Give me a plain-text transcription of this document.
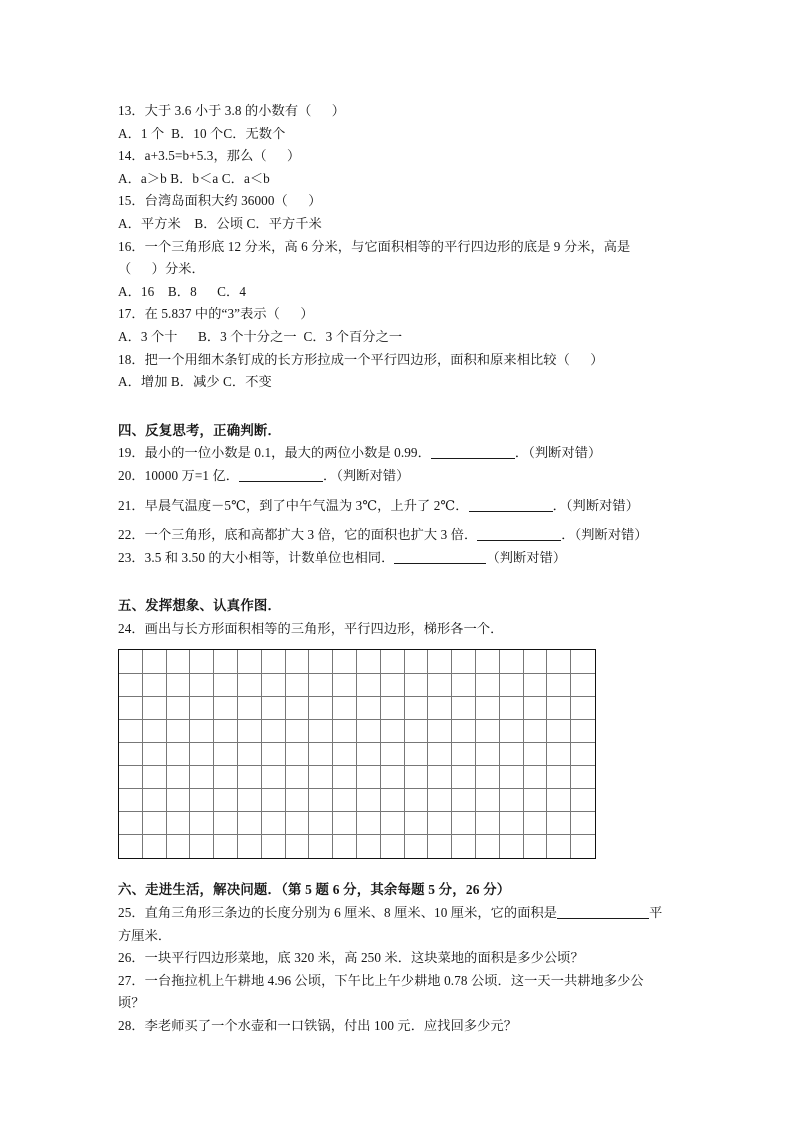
13．大于 3.6 小于 3.8 的小数有（      ）

A．1 个  B．10 个C．无数个

14．a+3.5=b+5.3，那么（      ）

A．a＞b B．b＜a C．a＜b

15．台湾岛面积大约 36000（      ）

A．平方米    B．公顷 C．平方千米

16．一个三角形底 12 分米，高 6 分米，与它面积相等的平行四边形的底是 9 分米，高是

（      ）分米．

A．16    B．8      C．4

17．在 5.837 中的“3”表示（      ）

A．3 个十      B．3 个十分之一  C．3 个百分之一

18．把一个用细木条钉成的长方形拉成一个平行四边形，面积和原来相比较（      ）

A．增加 B．减少 C．不变

四、反复思考，正确判断．

19．最小的一位小数是 0.1，最大的两位小数是 0.99．	．（判断对错）

20．10000 万=1 亿．	．（判断对错）

21．早晨气温度－5℃，到了中午气温为 3℃，上升了 2℃．	．（判断对错）

22．一个三角形，底和高都扩大 3 倍，它的面积也扩大 3 倍．	．（判断对错）

23．3.5 和 3.50 的大小相等，计数单位也相同．	（判断对错）

五、发挥想象、认真作图．

24．画出与长方形面积相等的三角形，平行四边形，梯形各一个．

六、走进生活，解决问题．（第 5 题 6 分，其余每题 5 分，26 分）

25．直角三角形三条边的长度分别为 6 厘米、8 厘米、10 厘米，它的面积是	平

方厘米．

26．一块平行四边形菜地，底 320 米，高 250 米．这块菜地的面积是多少公顷？

27．一台拖拉机上午耕地 4.96 公顷，下午比上午少耕地 0.78 公顷．这一天一共耕地多少公

顷？

28．李老师买了一个水壶和一口铁锅，付出 100 元．应找回多少元？
